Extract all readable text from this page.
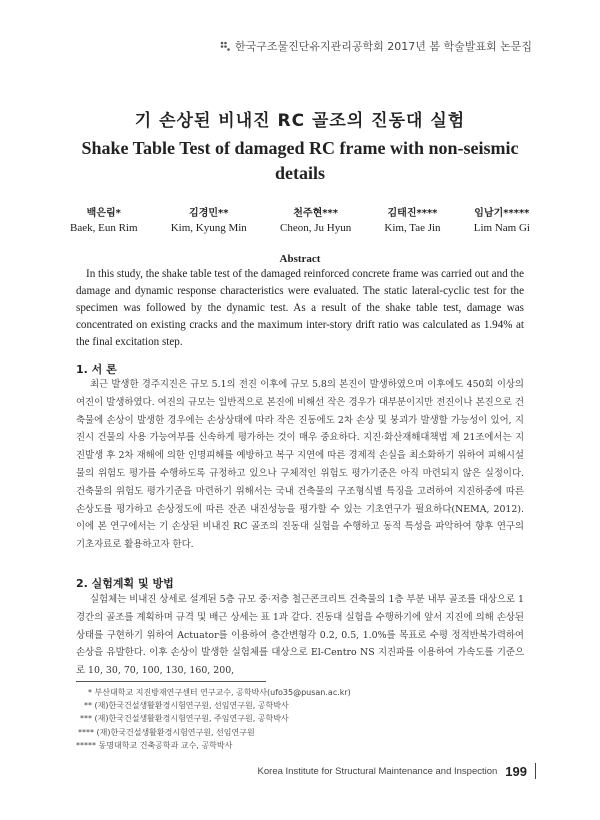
한국구조물진단유지관리공학회 2017년 봄 학술발표회 논문집
기 손상된 비내진 RC 골조의 진동대 실험
Shake Table Test of damaged RC frame with non-seismic details
백은림*
Baek, Eun Rim
김경민**
Kim, Kyung Min
천주현***
Cheon, Ju Hyun
김태진****
Kim, Tae Jin
임남기*****
Lim Nam Gi
Abstract
In this study, the shake table test of the damaged reinforced concrete frame was carried out and the damage and dynamic response characteristics were evaluated. The static lateral-cyclic test for the specimen was followed by the dynamic test. As a result of the shake table test, damage was concentrated on existing cracks and the maximum inter-story drift ratio was calculated as 1.94% at the final excitation step.
1. 서 론
최근 발생한 경주지진은 규모 5.1의 전진 이후에 규모 5.8의 본진이 발생하였으며 이후에도 450회 이상의 여진이 발생하였다. 여진의 규모는 일반적으로 본진에 비해선 작은 경우가 대부분이지만 전진이나 본진으로 건축물에 손상이 발생한 경우에는 손상상태에 따라 작은 진동에도 2차 손상 및 붕괴가 발생할 가능성이 있어, 지진시 건물의 사용 가능여부를 신속하게 평가하는 것이 매우 중요하다. 지진·화산재해대책법 제 21조에서는 지진발생 후 2차 재해에 의한 인명피해를 예방하고 복구 지연에 따른 경제적 손실을 최소화하기 위하여 피해시설물의 위험도 평가를 수행하도록 규정하고 있으나 구체적인 위험도 평가기준은 아직 마련되지 않은 실정이다. 건축물의 위험도 평가기준을 마련하기 위해서는 국내 건축물의 구조형식별 특징을 고려하여 지진하중에 따른 손상도를 평가하고 손상정도에 따른 잔존 내진성능을 평가할 수 있는 기초연구가 필요하다(NEMA, 2012). 이에 본 연구에서는 기 손상된 비내진 RC 골조의 진동대 실험을 수행하고 동적 특성을 파악하여 향후 연구의 기초자료로 활용하고자 한다.
2. 실험계획 및 방법
실험체는 비내진 상세로 설계된 5층 규모 중·저층 철근콘크리트 건축물의 1층 부분 내부 골조를 대상으로 1경간의 골조를 계획하며 규격 및 배근 상세는 표 1과 같다. 진동대 실험을 수행하기에 앞서 지진에 의해 손상된 상태를 구현하기 위하여 Actuator를 이용하여 층간변형각 0.2, 0.5, 1.0%를 목표로 수평 정적반복가력하여 손상을 유발한다. 이후 손상이 발생한 실험체를 대상으로 El-Centro NS 지진파를 이용하여 가속도를 기준으로 10, 30, 70, 100, 130, 160, 200,
* 부산대학교 지진방재연구센터 연구교수, 공학박사(ufo35@pusan.ac.kr)
** (재)한국건설생활환경시험연구원, 선임연구원, 공학박사
*** (재)한국건설생활환경시험연구원, 주임연구원, 공학박사
**** (재)한국건설생활환경시험연구원, 선임연구원
***** 동명대학교 건축공학과 교수, 공학박사
Korea Institute for Structural Maintenance and Inspection 199
